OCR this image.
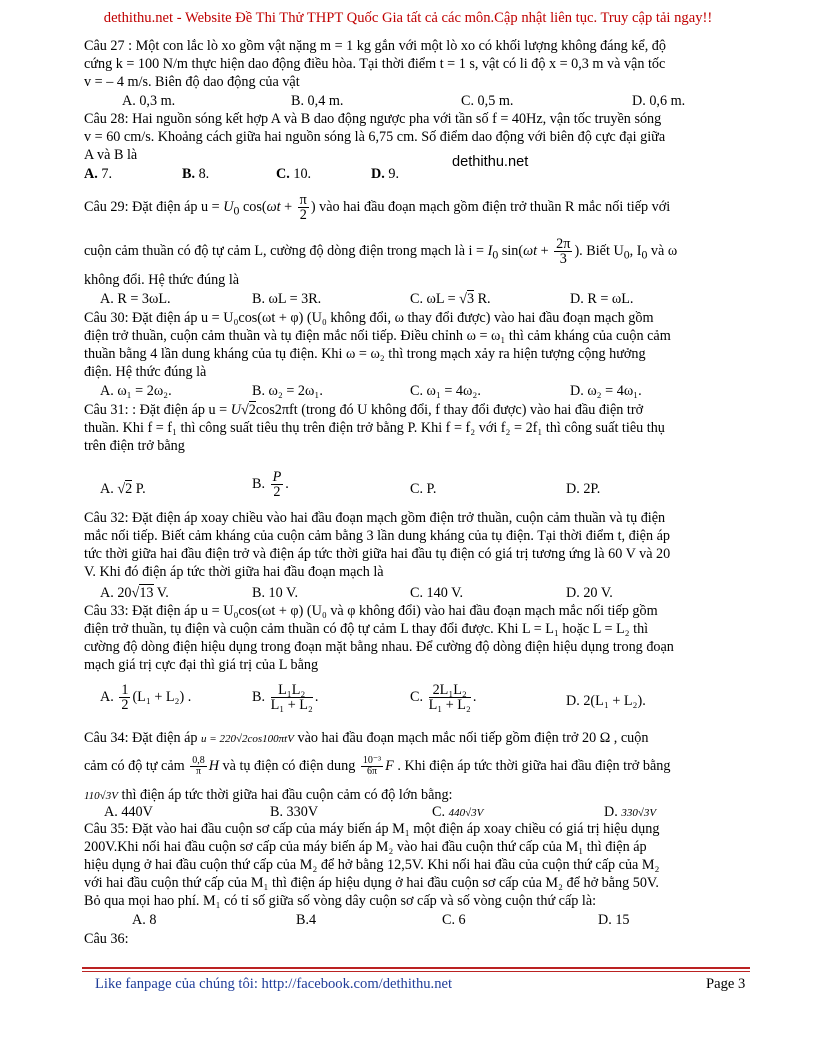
dethithu.net - Website Đề Thi Thử THPT Quốc Gia tất cả các môn.Cập nhật liên tục. Truy cập tải ngay!!
Câu 27 : Một con lắc lò xo gồm vật nặng m = 1 kg gắn với một lò xo có khối lượng không đáng kể, độ
cứng k = 100 N/m thực hiện dao động điều hòa. Tại thời điểm t = 1 s, vật có li độ x = 0,3 m và vận tốc
v = – 4 m/s. Biên độ dao động của vật
A. 0,3 m.	B. 0,4 m.	C. 0,5 m.	D. 0,6 m.
Câu 28: Hai nguồn sóng kết hợp A và B dao động ngược pha với tần số f = 40Hz, vận tốc truyền sóng
v = 60 cm/s. Khoảng cách giữa hai nguồn sóng là 6,75 cm. Số điểm dao động với biên độ cực đại giữa
A và B là	dethithu.net
A. 7.	B. 8.	C. 10.	D. 9.
Câu 29: Đặt điện áp $u = U_0$ $\cos(\omega t + \frac{\pi}{2}$ ) vào hai đầu đoạn mạch gồm điện trở thuần R mắc nối tiếp với
cuộn cảm thuần có độ tự cảm L, cường độ dòng điện trong mạch là $i = I_0$ $\sin(\omega t + \frac{2\pi}{3}$ ). Biết $U_0$, $I_0$ và ω
không đổi. Hệ thức đúng là
A. R = 3ωL.	B. ωL = 3R.	C. ωL = √3 R.	D. R = ωL.
Câu 30: Đặt điện áp u = U₀cos(ωt + φ) (U₀ không đổi, ω thay đổi được) vào hai đầu đoạn mạch gồm
điện trở thuần, cuộn cảm thuần và tụ điện mắc nối tiếp. Điều chỉnh ω = ω₁ thì cảm kháng của cuộn cảm
thuần bằng 4 lần dung kháng của tụ điện. Khi ω = ω₂ thì trong mạch xảy ra hiện tượng cộng hưởng
điện. Hệ thức đúng là
A. ω₁ = 2ω₂.	B. ω₂ = 2ω₁.	C. ω₁ = 4ω₂.	D. ω₂ = 4ω₁.
Câu 31: : Đặt điện áp u = U√2cos2πft (trong đó U không đổi, f thay đổi được) vào hai đầu điện trở
thuần. Khi f = f₁ thì công suất tiêu thụ trên điện trở bằng P. Khi f = f₂ với f₂ = 2f₁ thì công suất tiêu thụ
trên điện trở bằng
A. √2 P.	B. $\frac{P}{2}$ .	C. P.	D. 2P.
Câu 32: Đặt điện áp xoay chiều vào hai đầu đoạn mạch gồm điện trở thuần, cuộn cảm thuần và tụ điện
mắc nối tiếp. Biết cảm kháng của cuộn cảm bằng 3 lần dung kháng của tụ điện. Tại thời điểm t, điện áp
tức thời giữa hai đầu điện trở và điện áp tức thời giữa hai đầu tụ điện có giá trị tương ứng là 60 V và 20
V. Khi đó điện áp tức thời giữa hai đầu đoạn mạch là
A. 20√13 V.	B. 10 V.	C. 140 V.	D. 20 V.
Câu 33: Đặt điện áp u = U₀cos(ωt + φ) (U₀ và φ không đổi) vào hai đầu đoạn mạch mắc nối tiếp gồm
điện trở thuần, tụ điện và cuộn cảm thuần có độ tự cảm L thay đổi được. Khi L = L₁ hoặc L = L₂ thì
cường độ dòng điện hiệu dụng trong đoạn mặt bằng nhau. Để cường độ dòng điện hiệu dụng trong đoạn
mạch giá trị cực đại thì giá trị của L bằng
A. $\frac{1}{2} (L_1 + L_2)$ .	B. $\frac{\text{L₁L₂}}{\text{L₁ + L₂}}$ .	C. $\frac{\text{2L₁L₂}}{\text{L₁ + L₂}}$ .	D. 2(L₁ + L₂).
Câu 34: Đặt điện áp u = 220√2cos100πtV vào hai đầu đoạn mạch mắc nối tiếp gồm điện trở 20 Ω , cuộn
cảm có độ tự cảm $\frac{0,8}{\pi}$ H và tụ điện có điện dung $\frac{\text{10⁻³}}{6\pi}$ F . Khi điện áp tức thời giữa hai đầu điện trở bằng
110√3V thì điện áp tức thời giữa hai đầu cuộn cảm có độ lớn bằng:
A. 440V	B. 330V	C. 440√3V	D. 330√3V
Câu 35: Đặt vào hai đầu cuộn sơ cấp của máy biến áp M₁ một điện áp xoay chiều có giá trị hiệu dụng
200V.Khi nối hai đầu cuộn sơ cấp của máy biến áp M₂ vào hai đầu cuộn thứ cấp của M₁ thì điện áp
hiệu dụng ở hai đầu cuộn thứ cấp của M₂ để hở bằng 12,5V. Khi nối hai đầu của cuộn thứ cấp của M₂
với hai đầu cuộn thứ cấp của M₁ thì điện áp hiệu dụng ở hai đầu cuộn sơ cấp của M₂ để hở bằng 50V.
Bỏ qua mọi hao phí. M₁ có tỉ số giữa số vòng dây cuộn sơ cấp và số vòng cuộn thứ cấp là:
A. 8	B.4	C. 6	D. 15
Câu 36:
Like fanpage của chúng tôi: http://facebook.com/dethithu.net	Page 3
